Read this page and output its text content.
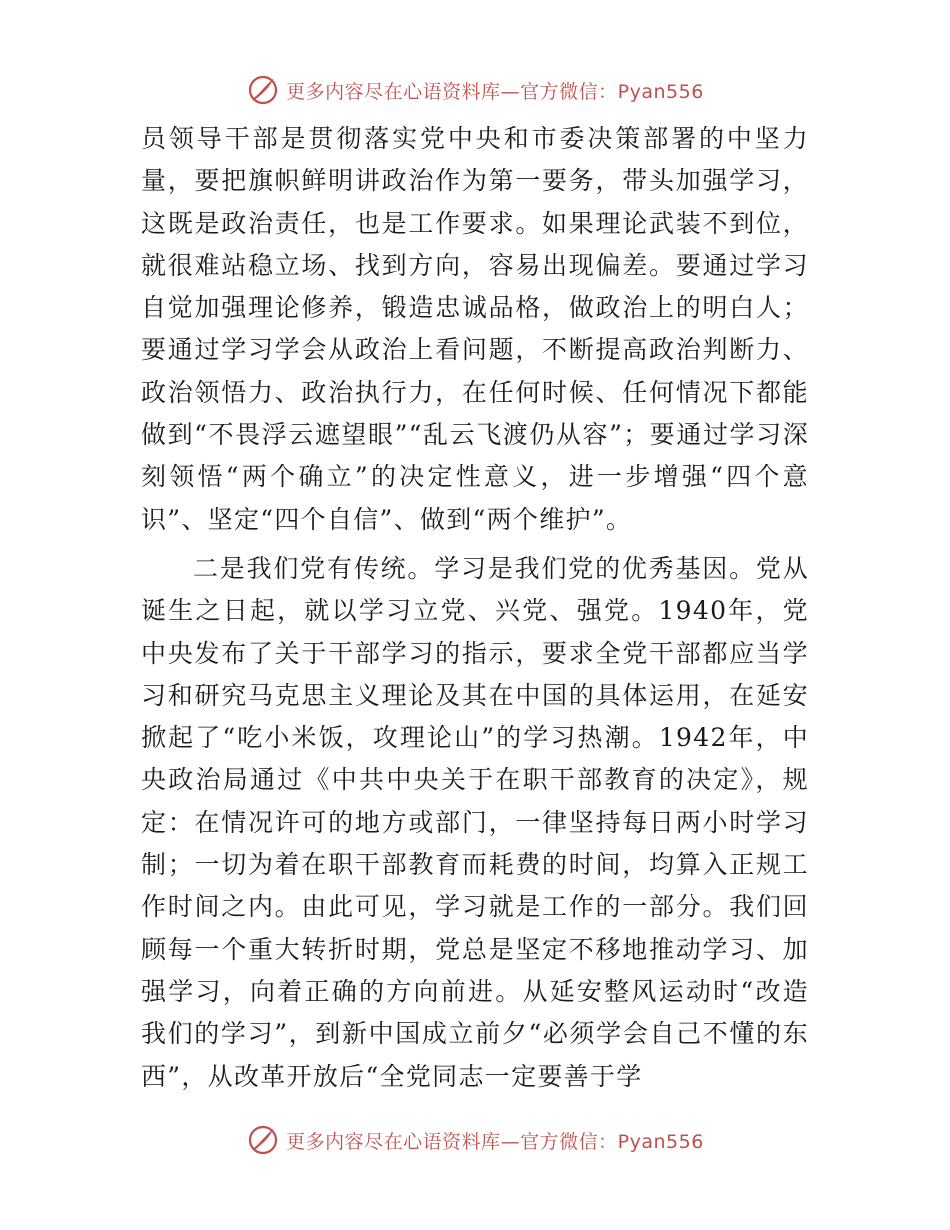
更多内容尽在心语资料库—官方微信：Pyan556

员领导干部是贯彻落实党中央和市委决策部署的中坚力量，要把旗帜鲜明讲政治作为第一要务，带头加强学习，这既是政治责任，也是工作要求。如果理论武装不到位，就很难站稳立场、找到方向，容易出现偏差。要通过学习自觉加强理论修养，锻造忠诚品格，做政治上的明白人；要通过学习学会从政治上看问题，不断提高政治判断力、政治领悟力、政治执行力，在任何时候、任何情况下都能做到“不畏浮云遮望眼”“乱云飞渡仍从容”；要通过学习深刻领悟“两个确立”的决定性意义，进一步增强“四个意识”、坚定“四个自信”、做到“两个维护”。

二是我们党有传统。学习是我们党的优秀基因。党从诞生之日起，就以学习立党、兴党、强党。1940年，党中央发布了关于干部学习的指示，要求全党干部都应当学习和研究马克思主义理论及其在中国的具体运用，在延安掀起了“吃小米饭，攻理论山”的学习热潮。1942年，中央政治局通过《中共中央关于在职干部教育的决定》，规定：在情况许可的地方或部门，一律坚持每日两小时学习制；一切为着在职干部教育而耗费的时间，均算入正规工作时间之内。由此可见，学习就是工作的一部分。我们回顾每一个重大转折时期，党总是坚定不移地推动学习、加强学习，向着正确的方向前进。从延安整风运动时“改造我们的学习”，到新中国成立前夕“必须学会自己不懂的东西”，从改革开放后“全党同志一定要善于学

更多内容尽在心语资料库—官方微信：Pyan556
